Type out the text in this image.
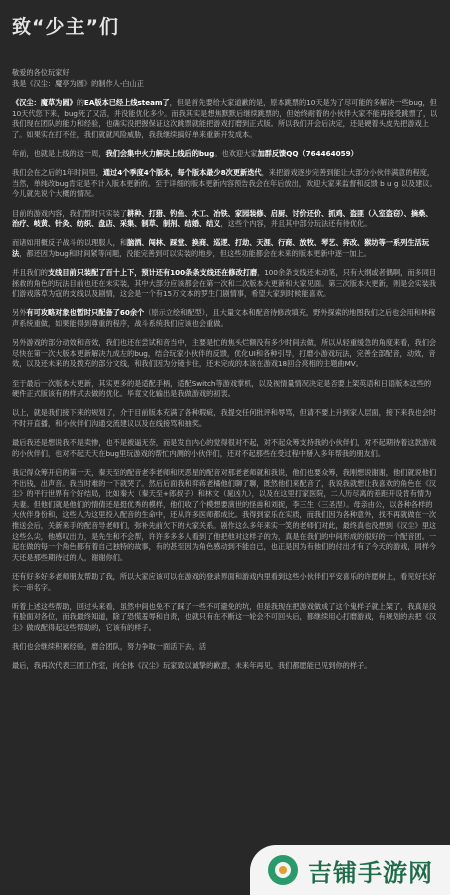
致“少主”们
敬爱的各位玩家好
我是《汉尘：魔亭为圆》的制作人-白山正

《汉尘：魔草为圆》的EA版本已经上线steam了，但是首先要给大家道歉的是，原本跳票的10天是为了尽可能的多解决一些bug，但10天代您下来，bug死了又活，并没能优化多少。而我其实是想焦默默后继续跳票的，但始终耐着的小伙伴大家不能再接受跳票了，以我们现在团队的能力和经验，也确实没把握保证这次跳票就能把游戏打磨到正式版。所以我们开会后决定，还是硬着头皮先把游戏上了。如果实在打不住，我们就就风险威胁，我我继续搞好单来重新开发成本。

年前，也就是上线的这一周，我们会集中火力解决上线后的bug。也欢迎大家加群反馈QQ（764464059）

我们会在之后的1年时间里，通过4个季度4个版本，每个版本最少8次更新迭代，来把游戏逐步完善到能让大部分小伙伴满意的程度，当然，单纯改bug肯定是不计入版本更新的。至于详细的版本更新内容预告我会在年后放出，欢迎大家来监督和反馈 b u g 以及建议。今儿就先说个大概的情况。

目前的游戏内容，我们暂时只实装了耕种、打猎、钓鱼、木工、冶铁、家园装修、启厨、讨价还价、抓鸡、盗匪（入室盗窃）、摘桑、治疗、岐黄、针灸、纺织、盘店、采集、制草、制剂、结婚、结义，这些个内容，并且其中部分玩法还有待优化。

而诸如用概反子战斗的以理服人，和脑洒、闯林、踩堂、换商、巡逻、打劫、天涯、行商、放牧、琴艺、弈改、猴坊等一系列生活玩法，都还因为bug和时间紧等问题，没能完善到可以实装的地步，但这些功能都会在未来的版本更新中逐一加上。

并且我们的支线目前只装配了百十上下，预计还有100条条支线还在修改打磨，100余条支线还未动笔，只有大纲或者偶啊，而多同目拯救的角色的玩法目前也还在未实装，其中大部分应该都会在第一次和二次版本大更新和大家见面。第三次版本大更新，则是会实装我们游戏落草为寇的支线以及剧情，这会是一个有15万文本的罗生门剧情事，希望大家到时候能喜欢。

另外有可攻略对象也暂时只配备了60余个（原示立绘和配型），且大量文本和配音待修改填充，野外探索的地图我们之后也会用和林稼声系统重做，如果能得到尊重的程序，战斗系统我们应该也会重做。

另外游戏的部分动效和音效，我们也还在尝试和音当中，主要是忙的焦头烂额没有多少时间去做，所以从轻重缓急的角度来看，我们会尽快在第一次大版本更新解决九成左的bug，结合玩家小伙伴的反馈，优化UI和各种引导，打磨小游戏玩法，完善全部配音，动效，音效，以及还未来的及拨充的部分文线，和我们因为分镜卡住，还未完成的本该在游戏18回合亮相的主题曲MV。

至于最后一次版本大更新，其实更多的是适配手柄，适配Switch等游戏掌机，以及视情量情况决定是否要上架英语和日语版本这些的硬件正式版该有的样式去做的优化。毕竟文化输出是我做游戏的初衷。

以上，就是我们接下来的规划了，介于目前版本充满了各种瑕疵，我提交任何批评和辱骂，但请不要上升到家人层面，接下来我也会时不时开直播，和小伙伴们沟通交流建议以及在线接骂和抽奖。

最后我还是想说我不是卖惨，也不是被逼无奈，而是发自内心的觉得很对不起，对不起众筹支持我的小伙伴们，对不起期待着这款游戏的小伙伴们，也对不起天天在bug里玩游戏的帮忙内测的小伙伴们，还对不起那些在受过程中掰入多年帮我的朋友们。

我记得众筹开启的第一天，秦天至的配音老李老师和厌恶星的配音对那老老师就和我说，他们也要众筹，我刚想说谢谢，他们就说他们不出钱，出声音。我当时难的一下就哭了。然后后面我和弈蒋老橘他们聊了聊，既然他们来配音了，我说我就想让我喜欢的角色在《汉尘》的平行世界有个好结局，比如秦大（秦天至+郎叔子）和林文（晁凶九），以及在这里打家医院，二人历尽离的差距开设肯有情为夫妻。但他们就是他们的情倩还是挺优秀的模样，他们收了个模想要演世的怪兽和刘捉，李三生（三圣涅）。母亲由公，以各种各样的大伙伴身份和，这些人为这里投入配音的生命中，还从许多医师都成比。我得到家乐在实质，而我们因为各种意外，找不再就做在一次推送会后，关新来手的配音导老师们，弥补先前欠下的大家关系。剧作这么多年来实一笑的老师们对此，最终真也没想到《汉尘》里这这些么尖，他感叹出力，是先生和不会帮，许许多多多人看到了他把他对这样子的为，真是在我们的中间形成的很好的一个配音团。一起在做的每一个角色都有着自己独特的故事，有的甚至因为角色感动到不能自已，也正是因为有他们的付出才有了今天的游戏，同样今天还是那些期待过的人，谢谢你们。

还有好多好多老师朋友帮助了我，所以大家应该可以在游戏的登录界面和游戏内里看到这些小伙伴们平安喜乐的许愿树上，看见好长好长一串名字。

听着上述这些帮助，回过头来看，虽然中间也免不了踩了一些不可避免的坑，但是我现在把游戏做成了这个鬼样子就上架了，我真是没有脸面对各位，而我最终知道，除了恐慌羞辱和自责，也就只有在不断这一轮会不可回头后，都继续用心打磨游戏，有规划的去把《汉尘》做成配得起这些帮助的，它该有的样子。

我们也会继续积累经验，磨合团队，努力争取一面活下去，活

最后，我再次代表三团工作室，向全体《汉尘》玩家致以诚挚的歉意，未来年再见，我们都愿能已见到你的样子。

吉铺手游网
